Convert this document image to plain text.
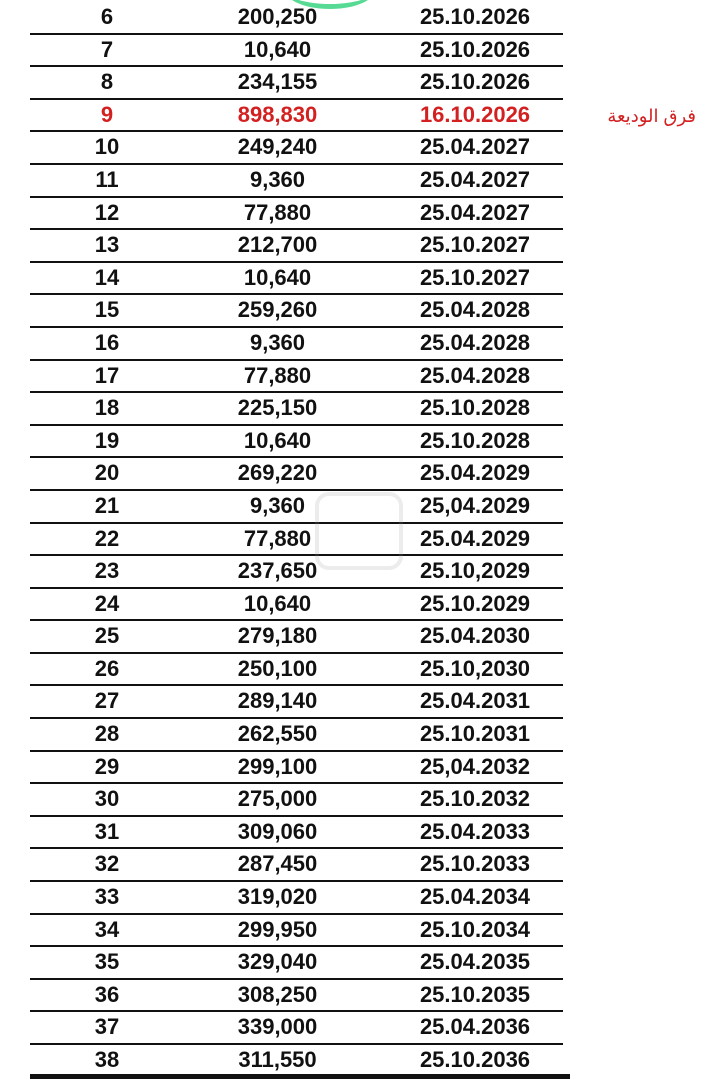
6	200,250	25.10.2026
7	10,640	25.10.2026
8	234,155	25.10.2026
9	898,830	16.10.2026
10	249,240	25.04.2027
11	9,360	25.04.2027
12	77,880	25.04.2027
13	212,700	25.10.2027
14	10,640	25.10.2027
15	259,260	25.04.2028
16	9,360	25.04.2028
17	77,880	25.04.2028
18	225,150	25.10.2028
19	10,640	25.10.2028
20	269,220	25.04.2029
21	9,360	25,04.2029
22	77,880	25.04.2029
23	237,650	25.10,2029
24	10,640	25.10.2029
25	279,180	25.04.2030
26	250,100	25.10,2030
27	289,140	25.04.2031
28	262,550	25.10.2031
29	299,100	25,04.2032
30	275,000	25.10.2032
31	309,060	25.04.2033
32	287,450	25.10.2033
33	319,020	25.04.2034
34	299,950	25.10.2034
35	329,040	25.04.2035
36	308,250	25.10.2035
37	339,000	25.04.2036
38	311,550	25.10.2036
فرق الوديعة
